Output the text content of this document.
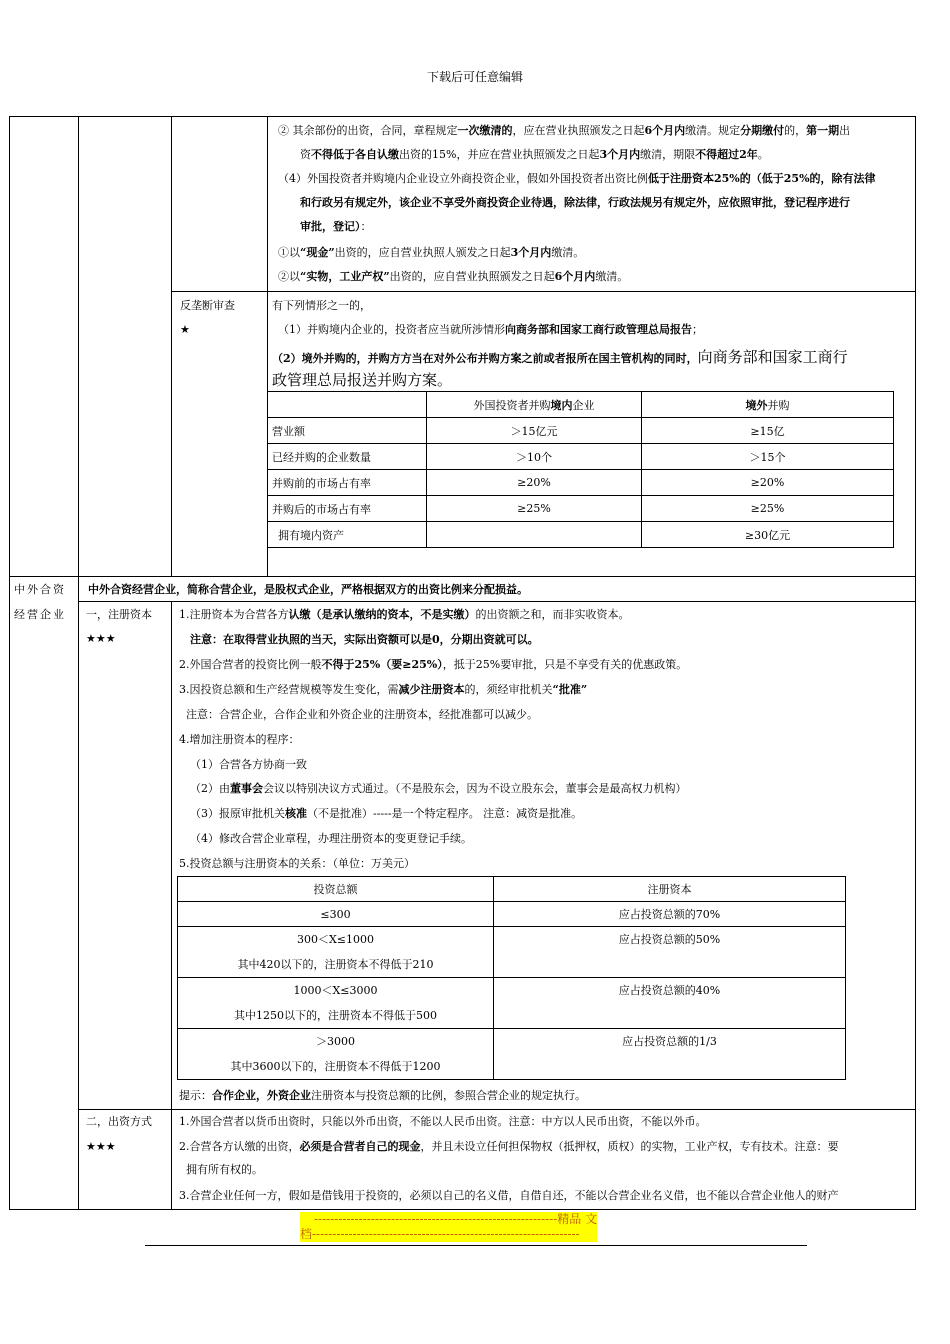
下载后可任意编辑
② 其余部份的出资，合同，章程规定一次缴清的，应在营业执照颁发之日起6个月内缴清。规定分期缴付的，第一期出
资不得低于各自认缴出资的15%，并应在营业执照颁发之日起3个月内缴清，期限不得超过2年。
（4）外国投资者并购境内企业设立外商投资企业，假如外国投资者出资比例低于注册资本25%的（低于25%的，除有法律
和行政另有规定外，该企业不享受外商投资企业待遇，除法律，行政法规另有规定外，应依照审批，登记程序进行
审批，登记）：
①以“现金”出资的，应自营业执照人颁发之日起3个月内缴清。
②以“实物，工业产权”出资的，应自营业执照颁发之日起6个月内缴清。
反垄断审查
★
有下列情形之一的，
（1）并购境内企业的，投资者应当就所涉情形向商务部和国家工商行政管理总局报告；
（2）境外并购的，并购方方当在对外公布并购方案之前或者报所在国主管机构的同时，向商务部和国家工商行
政管理总局报送并购方案。
	外国投资者并购境内企业	境外并购
营业额	＞15亿元	≥15亿
已经并购的企业数量	＞10个	＞15个
并购前的市场占有率	≥20%	≥20%
并购后的市场占有率	≥25%	≥25%
拥有境内资产		≥30亿元
中外合资
经营企业
中外合资经营企业，简称合营企业，是股权式企业，严格根据双方的出资比例来分配损益。
一，注册资本
★★★
1.注册资本为合营各方认缴（是承认缴纳的资本，不是实缴）的出资额之和，而非实收资本。
注意：在取得营业执照的当天，实际出资额可以是0，分期出资就可以。
2.外国合营者的投资比例一般不得于25%（要≥25%），抵于25%要审批，只是不享受有关的优惠政策。
3.因投资总额和生产经营规模等发生变化，需减少注册资本的，须经审批机关“批准”
注意：合营企业，合作企业和外资企业的注册资本，经批准都可以减少。
4.增加注册资本的程序：
（1）合营各方协商一致
（2）由董事会会议以特别决议方式通过。（不是股东会，因为不设立股东会，董事会是最高权力机构）
（3）报原审批机关核准（不是批准）-----是一个特定程序。 注意：减资是批准。
（4）修改合营企业章程，办理注册资本的变更登记手续。
5.投资总额与注册资本的关系：（单位：万美元）
投资总额	注册资本
≤300	应占投资总额的70%

300＜X≤1000
其中420以下的，注册资本不得低于210	应占投资总额的50%

1000＜X≤3000
其中1250以下的，注册资本不得低于500	应占投资总额的40%

＞3000
其中3600以下的，注册资本不得低于1200	应占投资总额的1/3
提示：合作企业，外资企业注册资本与投资总额的比例，参照合营企业的规定执行。
二，出资方式
★★★
1.外国合营者以货币出资时，只能以外币出资，不能以人民币出资。注意：中方以人民币出资，不能以外币。
2.合营各方认缴的出资，必须是合营者自己的现金，并且未设立任何担保物权（抵押权，质权）的实物，工业产权，专有技术。注意：要
拥有所有权的。
3.合营企业任何一方，假如是借钱用于投资的，必须以自己的名义借，自借自还，不能以合营企业名义借，也不能以合营企业他人的财产
------------------------------------------------------------精品 文
档------------------------------------------------------------------
